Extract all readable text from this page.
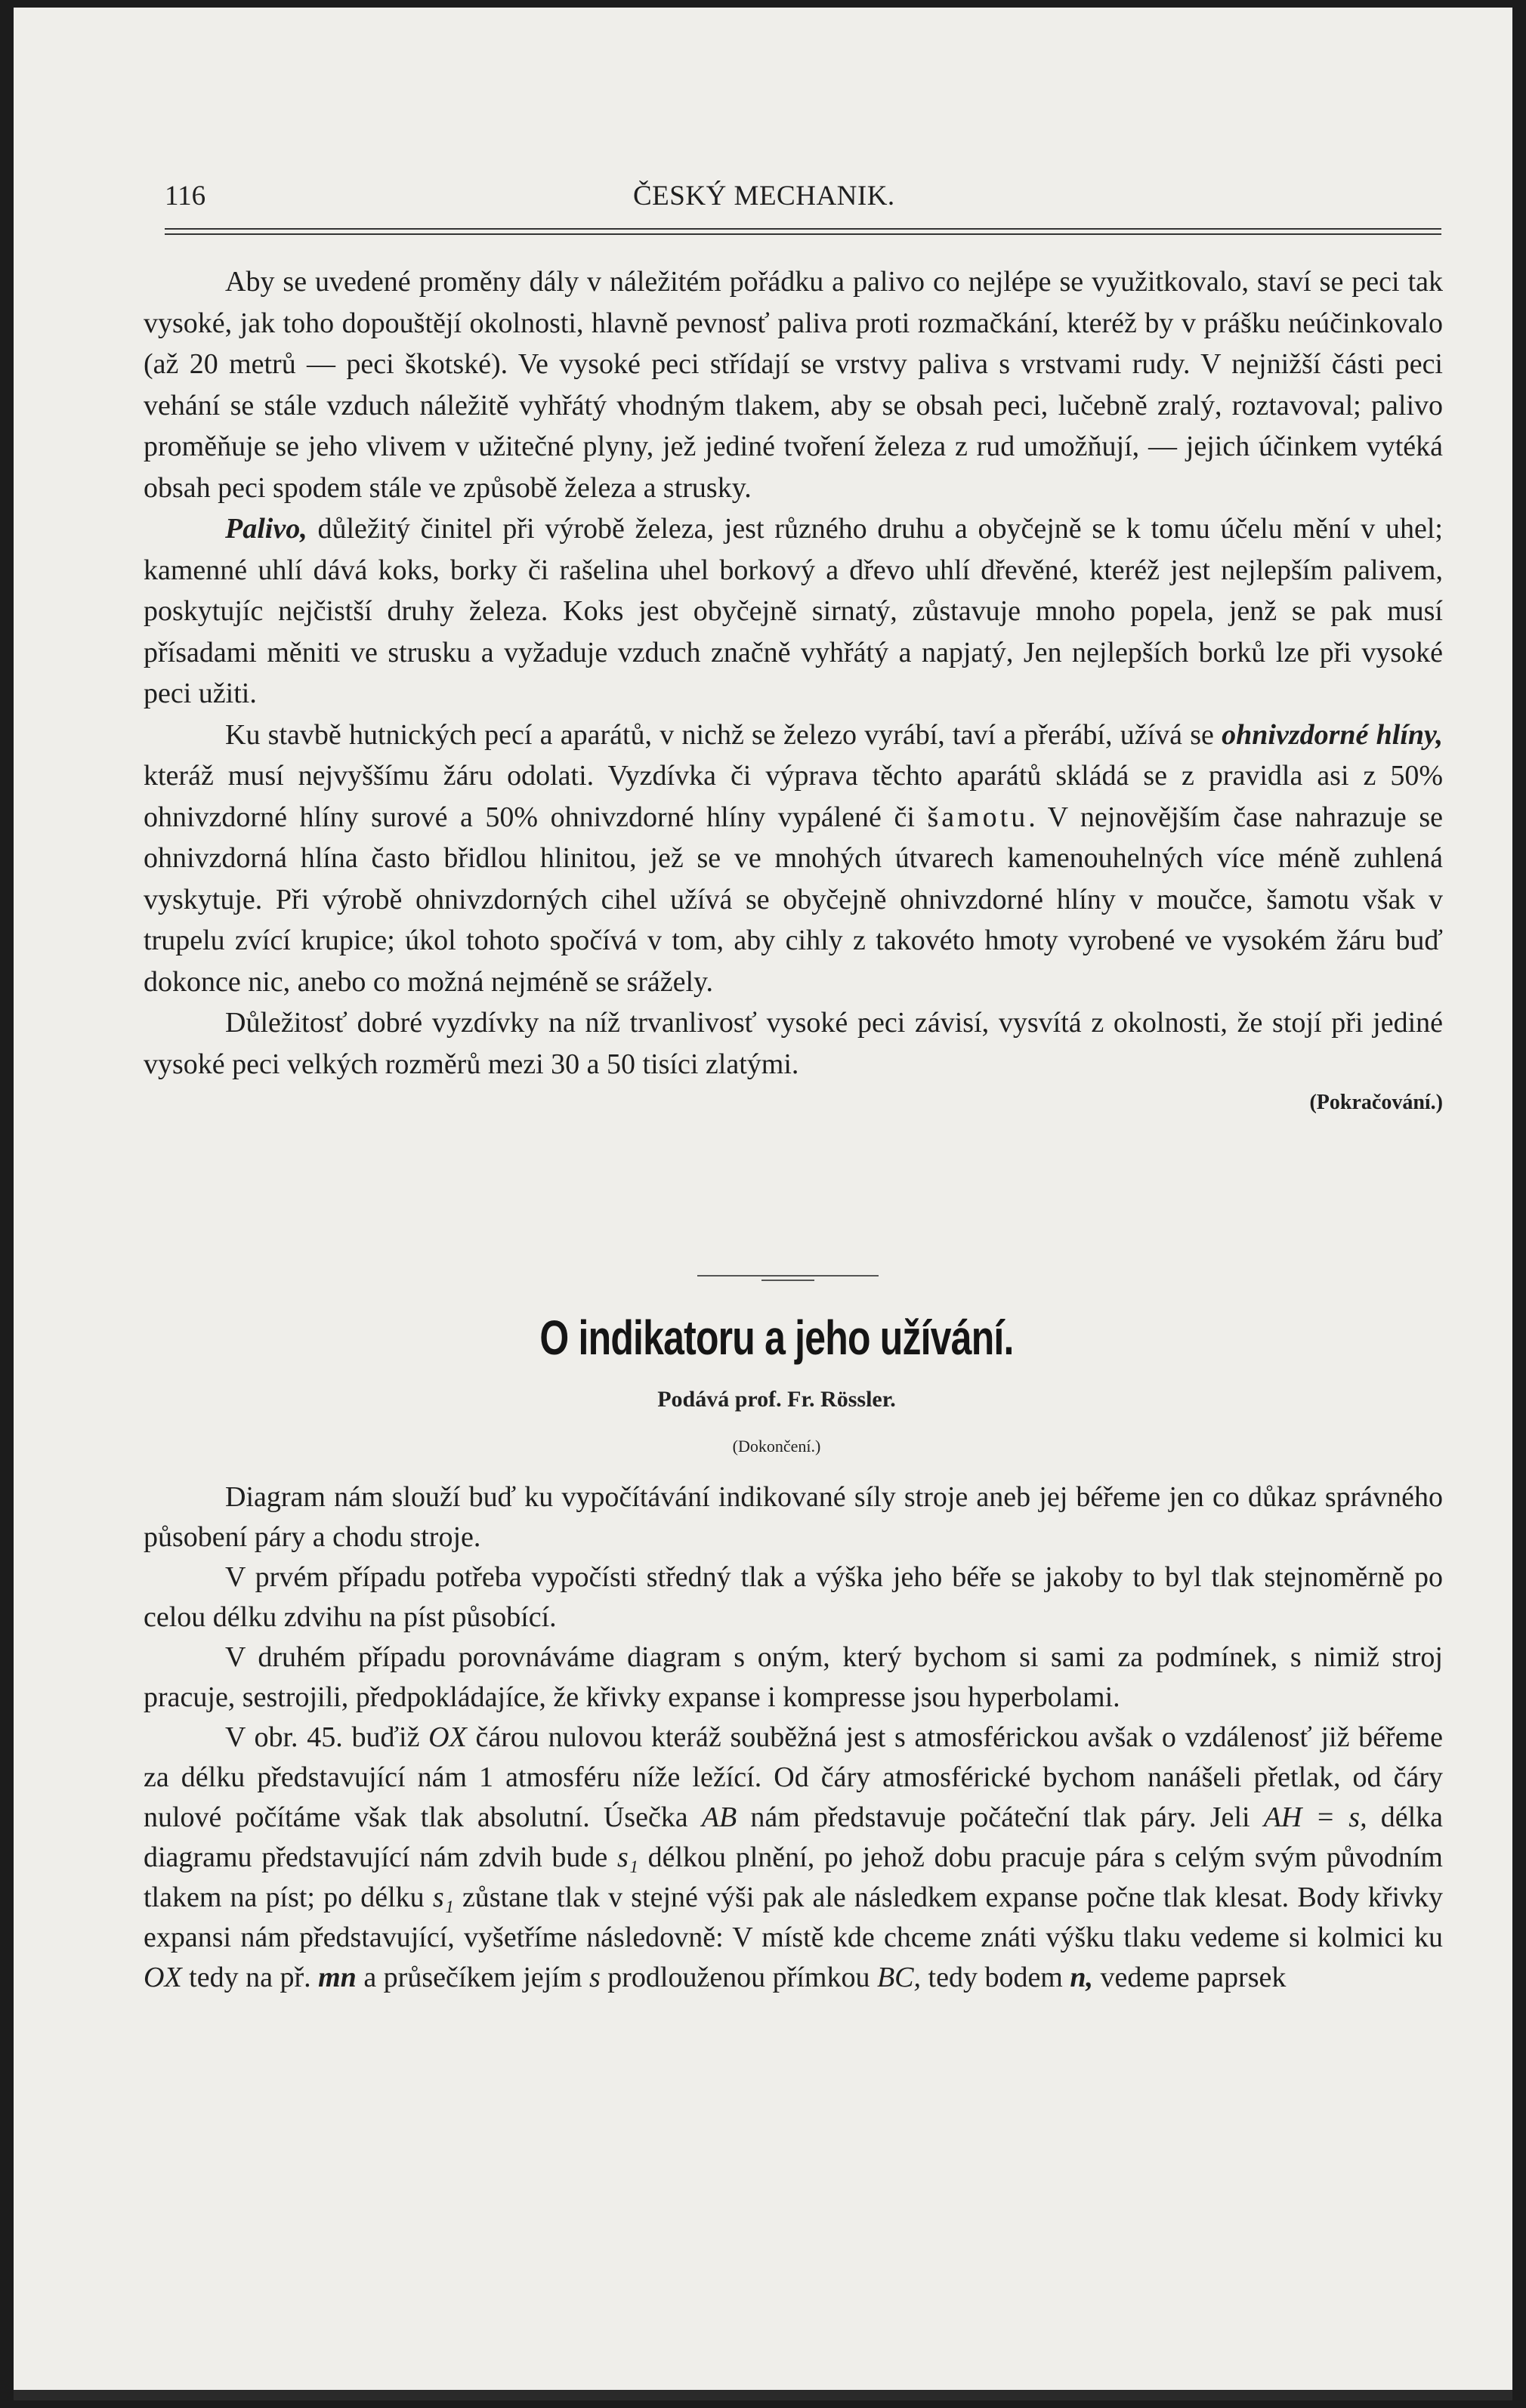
116	ČESKÝ MECHANIK.

Aby se uvedené proměny dály v náležitém pořádku a palivo co nejlépe se využitkovalo, staví se peci tak vysoké, jak toho dopouštějí okolnosti, hlavně pevnosť paliva proti rozmačkání, kteréž by v prášku neúčinkovalo (až 20 metrů — peci škotské). Ve vysoké peci střídají se vrstvy paliva s vrstvami rudy. V nejnižší části peci vehání se stále vzduch náležitě vyhřátý vhodným tlakem, aby se obsah peci, lučebně zralý, roztavoval; palivo proměňuje se jeho vlivem v užitečné plyny, jež jediné tvoření železa z rud umožňují, — jejich účinkem vytéká obsah peci spodem stále ve způsobě železa a strusky.

Palivo, důležitý činitel při výrobě železa, jest různého druhu a obyčejně se k tomu účelu mění v uhel; kamenné uhlí dává koks, borky či rašelina uhel borkový a dřevo uhlí dřevěné, kteréž jest nejlepším palivem, poskytujíc nejčistší druhy železa. Koks jest obyčejně sirnatý, zůstavuje mnoho popela, jenž se pak musí přísadami měniti ve strusku a vyžaduje vzduch značně vyhřátý a napjatý, Jen nejlepších borků lze při vysoké peci užiti.

Ku stavbě hutnických pecí a aparátů, v nichž se železo vyrábí, taví a přerábí, užívá se ohnivzdorné hlíny, kteráž musí nejvyššímu žáru odolati. Vyzdívka či výprava těchto aparátů skládá se z pravidla asi z 50% ohnivzdorné hlíny surové a 50% ohnivzdorné hlíny vypálené či šamotu. V nejnovějším čase nahrazuje se ohnivzdorná hlína často břidlou hlinitou, jež se ve mnohých útvarech kamenouhelných více méně zuhlená vyskytuje. Při výrobě ohnivzdorných cihel užívá se obyčejně ohnivzdorné hlíny v moučce, šamotu však v trupelu zvící krupice; úkol tohoto spočívá v tom, aby cihly z takovéto hmoty vyrobené ve vysokém žáru buď dokonce nic, anebo co možná nejméně se srážely.

Důležitosť dobré vyzdívky na níž trvanlivosť vysoké peci závisí, vysvítá z okolnosti, že stojí při jediné vysoké peci velkých rozměrů mezi 30 a 50 tisíci zlatými.

(Pokračování.)

O indikatoru a jeho užívání.
Podává prof. Fr. Rössler.
(Dokončení.)

Diagram nám slouží buď ku vypočítávání indikované síly stroje aneb jej béřeme jen co důkaz správného působení páry a chodu stroje.

V prvém případu potřeba vypočísti středný tlak a výška jeho béře se jakoby to byl tlak stejnoměrně po celou délku zdvihu na píst působící.

V druhém případu porovnáváme diagram s oným, který bychom si sami za podmínek, s nimiž stroj pracuje, sestrojili, předpokládajíce, že křivky expanse i kompresse jsou hyperbolami.

V obr. 45. buďiž OX čárou nulovou kteráž souběžná jest s atmosférickou avšak o vzdálenosť již béřeme za délku představující nám 1 atmosféru níže ležící. Od čáry atmosférické bychom nanášeli přetlak, od čáry nulové počítáme však tlak absolutní. Úsečka AB nám představuje počáteční tlak páry. Jeli AH = s, délka diagramu představující nám zdvih bude s₁ délkou plnění, po jehož dobu pracuje pára s celým svým původním tlakem na píst; po délku s₁ zůstane tlak v stejné výši pak ale následkem expanse počne tlak klesat. Body křivky expansi nám představující, vyšetříme následovně: V místě kde chceme znáti výšku tlaku vedeme si kolmici ku OX tedy na př. mn a průsečíkem jejím s prodlouženou přímkou BC, tedy bodem n, vedeme paprsek
